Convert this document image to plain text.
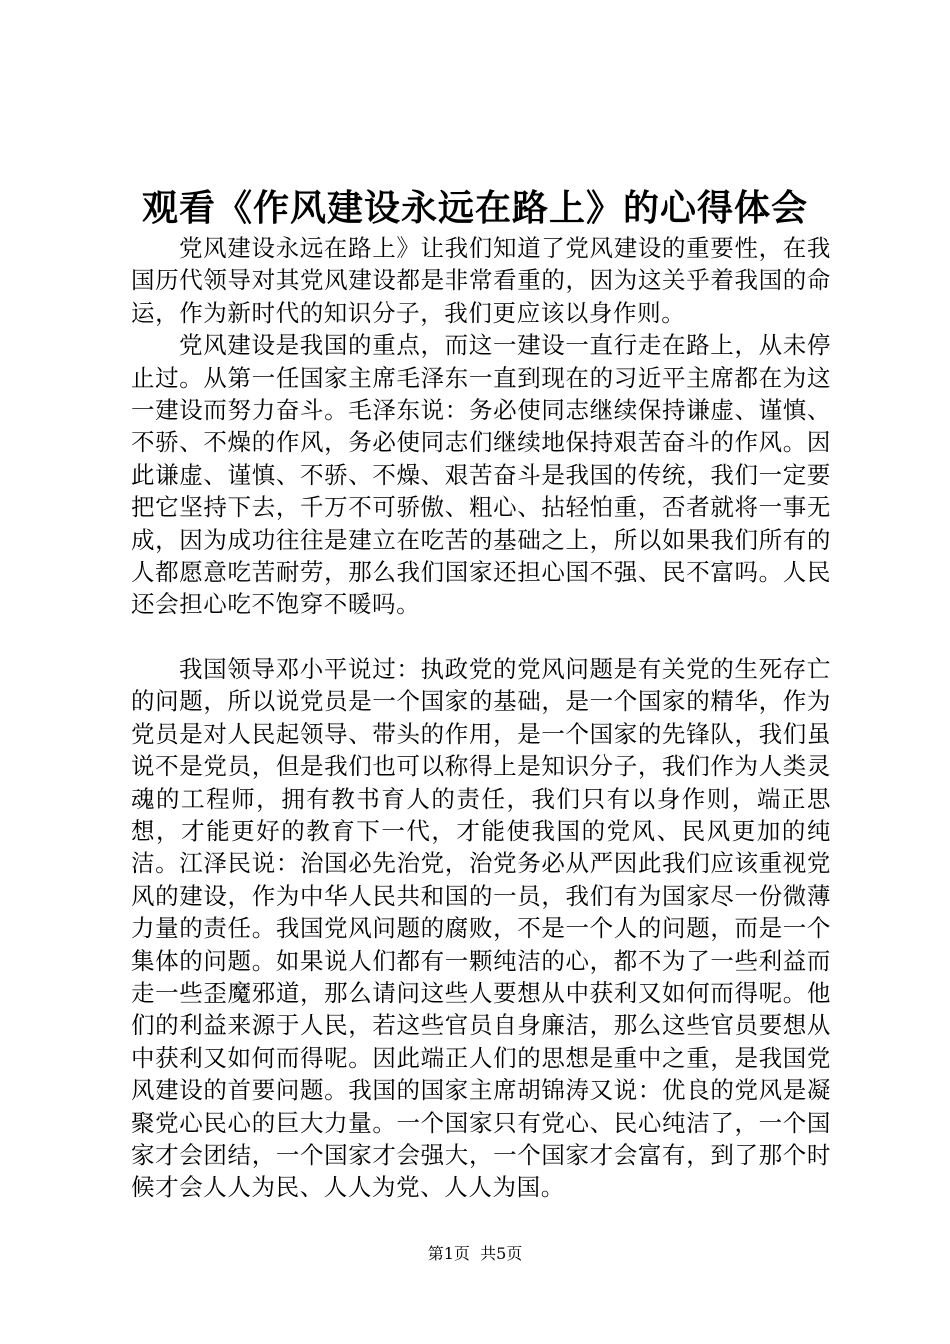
观看《作风建设永远在路上》的心得体会

党风建设永远在路上》让我们知道了党风建设的重要性，在我国历代领导对其党风建设都是非常看重的，因为这关乎着我国的命运，作为新时代的知识分子，我们更应该以身作则。

党风建设是我国的重点，而这一建设一直行走在路上，从未停止过。从第一任国家主席毛泽东一直到现在的习近平主席都在为这一建设而努力奋斗。毛泽东说：务必使同志继续保持谦虚、谨慎、不骄、不燥的作风，务必使同志们继续地保持艰苦奋斗的作风。因此谦虚、谨慎、不骄、不燥、艰苦奋斗是我国的传统，我们一定要把它坚持下去，千万不可骄傲、粗心、拈轻怕重，否者就将一事无成，因为成功往往是建立在吃苦的基础之上，所以如果我们所有的人都愿意吃苦耐劳，那么我们国家还担心国不强、民不富吗。人民还会担心吃不饱穿不暖吗。

我国领导邓小平说过：执政党的党风问题是有关党的生死存亡的问题，所以说党员是一个国家的基础，是一个国家的精华，作为党员是对人民起领导、带头的作用，是一个国家的先锋队，我们虽说不是党员，但是我们也可以称得上是知识分子，我们作为人类灵魂的工程师，拥有教书育人的责任，我们只有以身作则，端正思想，才能更好的教育下一代，才能使我国的党风、民风更加的纯洁。江泽民说：治国必先治党，治党务必从严因此我们应该重视党风的建设，作为中华人民共和国的一员，我们有为国家尽一份微薄力量的责任。我国党风问题的腐败，不是一个人的问题，而是一个集体的问题。如果说人们都有一颗纯洁的心，都不为了一些利益而走一些歪魔邪道，那么请问这些人要想从中获利又如何而得呢。他们的利益来源于人民，若这些官员自身廉洁，那么这些官员要想从中获利又如何而得呢。因此端正人们的思想是重中之重，是我国党风建设的首要问题。我国的国家主席胡锦涛又说：优良的党风是凝聚党心民心的巨大力量。一个国家只有党心、民心纯洁了，一个国家才会团结，一个国家才会强大，一个国家才会富有，到了那个时候才会人人为民、人人为党、人人为国。

第1页 共5页
